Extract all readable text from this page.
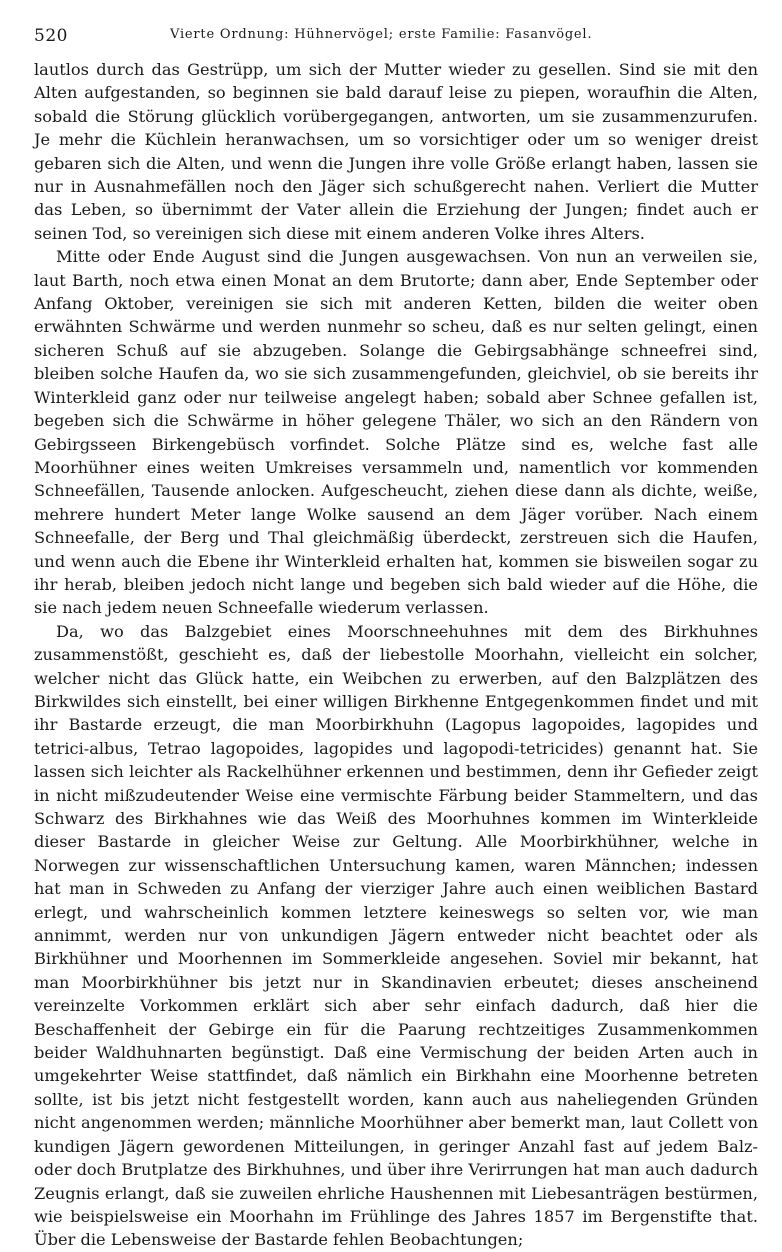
520	Vierte Ordnung: Hühnervögel; erste Familie: Fasanvögel.

lautlos durch das Gestrüpp, um sich der Mutter wieder zu gesellen. Sind sie mit den Alten aufgestanden, so beginnen sie bald darauf leise zu piepen, woraufhin die Alten, sobald die Störung glücklich vorübergegangen, antworten, um sie zusammenzurufen. Je mehr die Küchlein heranwachsen, um so vorsichtiger oder um so weniger dreist gebaren sich die Alten, und wenn die Jungen ihre volle Größe erlangt haben, lassen sie nur in Ausnahmefällen noch den Jäger sich schußgerecht nahen. Verliert die Mutter das Leben, so übernimmt der Vater allein die Erziehung der Jungen; findet auch er seinen Tod, so vereinigen sich diese mit einem anderen Volke ihres Alters.

Mitte oder Ende August sind die Jungen ausgewachsen. Von nun an verweilen sie, laut Barth, noch etwa einen Monat an dem Brutorte; dann aber, Ende September oder Anfang Oktober, vereinigen sie sich mit anderen Ketten, bilden die weiter oben erwähnten Schwärme und werden nunmehr so scheu, daß es nur selten gelingt, einen sicheren Schuß auf sie abzugeben. Solange die Gebirgsabhänge schneefrei sind, bleiben solche Haufen da, wo sie sich zusammengefunden, gleichviel, ob sie bereits ihr Winterkleid ganz oder nur teilweise angelegt haben; sobald aber Schnee gefallen ist, begeben sich die Schwärme in höher gelegene Thäler, wo sich an den Rändern von Gebirgsseen Birkengebüsch vorfindet. Solche Plätze sind es, welche fast alle Moorhühner eines weiten Umkreises versammeln und, namentlich vor kommenden Schneefällen, Tausende anlocken. Aufgescheucht, ziehen diese dann als dichte, weiße, mehrere hundert Meter lange Wolke sausend an dem Jäger vorüber. Nach einem Schneefalle, der Berg und Thal gleichmäßig überdeckt, zerstreuen sich die Haufen, und wenn auch die Ebene ihr Winterkleid erhalten hat, kommen sie bisweilen sogar zu ihr herab, bleiben jedoch nicht lange und begeben sich bald wieder auf die Höhe, die sie nach jedem neuen Schneefalle wiederum verlassen.

Da, wo das Balzgebiet eines Moorschneehuhnes mit dem des Birkhuhnes zusammenstößt, geschieht es, daß der liebestolle Moorhahn, vielleicht ein solcher, welcher nicht das Glück hatte, ein Weibchen zu erwerben, auf den Balzplätzen des Birkwildes sich einstellt, bei einer willigen Birkhenne Entgegenkommen findet und mit ihr Bastarde erzeugt, die man Moorbirkhuhn (Lagopus lagopoides, lagopides und tetrici-albus, Tetrao lagopoides, lagopides und lagopodi-tetricides) genannt hat. Sie lassen sich leichter als Rackelhühner erkennen und bestimmen, denn ihr Gefieder zeigt in nicht mißzudeutender Weise eine vermischte Färbung beider Stammeltern, und das Schwarz des Birkhahnes wie das Weiß des Moorhuhnes kommen im Winterkleide dieser Bastarde in gleicher Weise zur Geltung. Alle Moorbirkhühner, welche in Norwegen zur wissenschaftlichen Untersuchung kamen, waren Männchen; indessen hat man in Schweden zu Anfang der vierziger Jahre auch einen weiblichen Bastard erlegt, und wahrscheinlich kommen letztere keineswegs so selten vor, wie man annimmt, werden nur von unkundigen Jägern entweder nicht beachtet oder als Birkhühner und Moorhennen im Sommerkleide angesehen. Soviel mir bekannt, hat man Moorbirkhühner bis jetzt nur in Skandinavien erbeutet; dieses anscheinend vereinzelte Vorkommen erklärt sich aber sehr einfach dadurch, daß hier die Beschaffenheit der Gebirge ein für die Paarung rechtzeitiges Zusammenkommen beider Waldhuhnarten begünstigt. Daß eine Vermischung der beiden Arten auch in umgekehrter Weise stattfindet, daß nämlich ein Birkhahn eine Moorhenne betreten sollte, ist bis jetzt nicht festgestellt worden, kann auch aus naheliegenden Gründen nicht angenommen werden; männliche Moorhühner aber bemerkt man, laut Collett von kundigen Jägern gewordenen Mitteilungen, in geringer Anzahl fast auf jedem Balz- oder doch Brutplatze des Birkhuhnes, und über ihre Verirrungen hat man auch dadurch Zeugnis erlangt, daß sie zuweilen ehrliche Haushennen mit Liebesanträgen bestürmen, wie beispielsweise ein Moorhahn im Frühlinge des Jahres 1857 im Bergenstifte that. Über die Lebensweise der Bastarde fehlen Beobachtungen;
